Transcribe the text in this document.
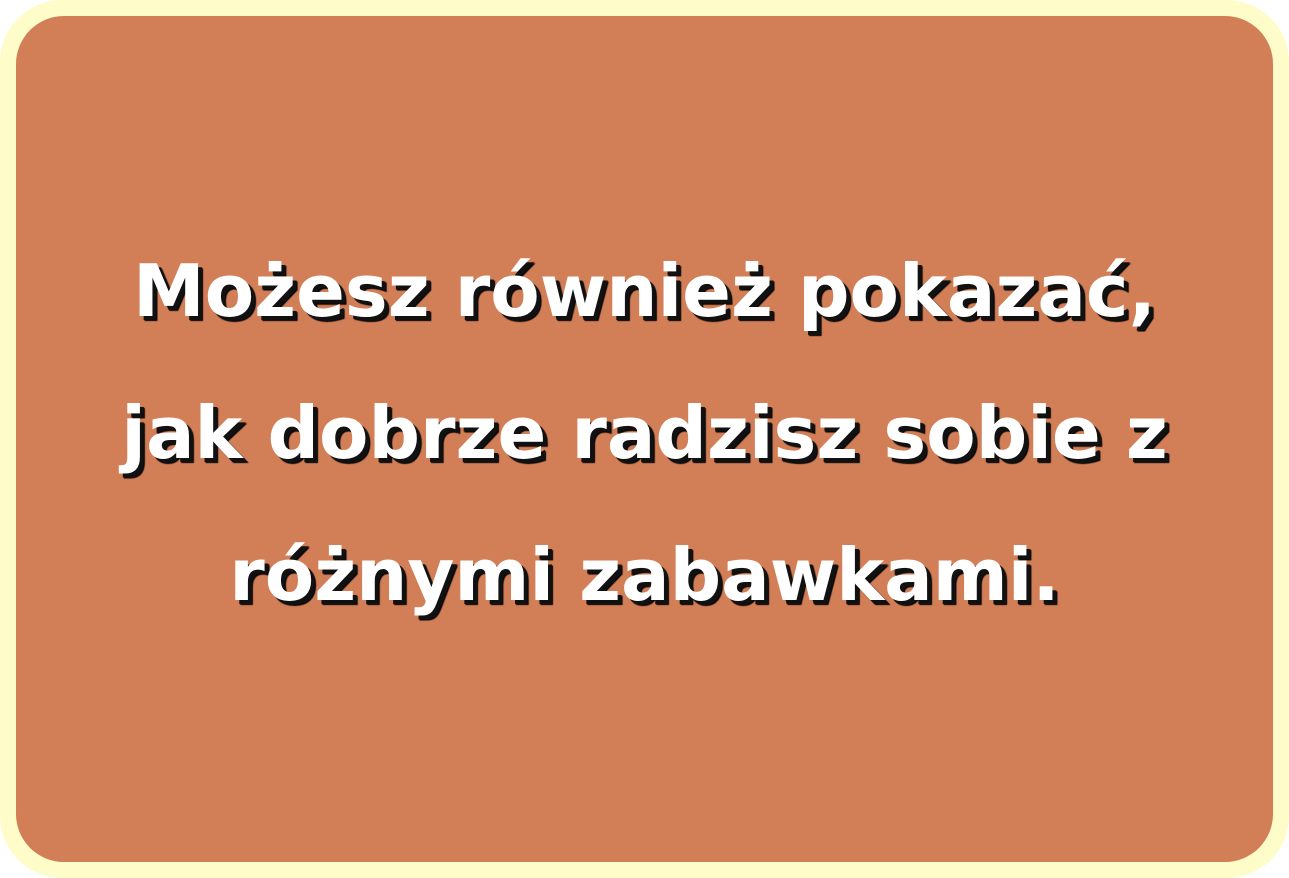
Możesz również pokazać,
jak dobrze radzisz sobie z
różnymi zabawkami.
